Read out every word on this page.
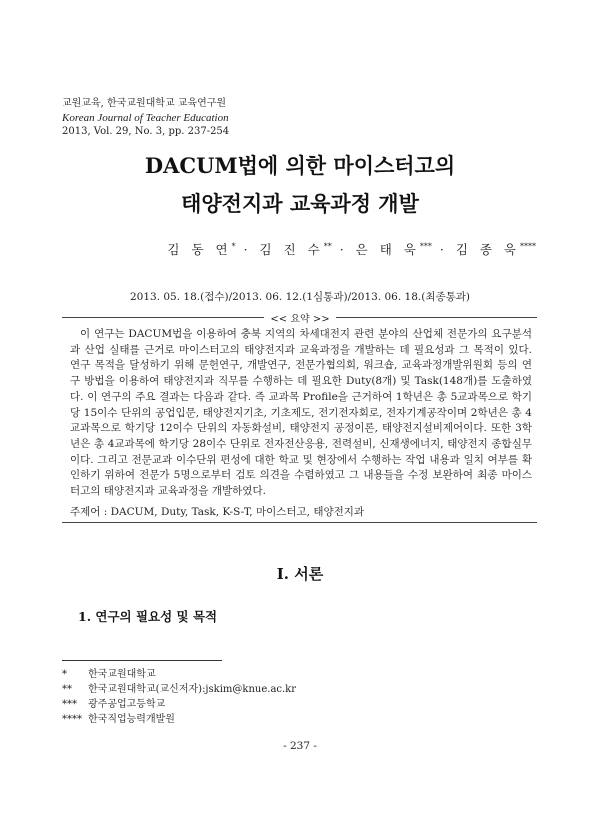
교원교육, 한국교원대학교 교육연구원
Korean Journal of Teacher Education
2013, Vol. 29, No. 3, pp. 237-254
DACUM법에 의한 마이스터고의
태양전지과 교육과정 개발
김 동 연* · 김 진 수** · 은 태 욱*** · 김 종 욱****
2013. 05. 18.(접수)/2013. 06. 12.(1심통과)/2013. 06. 18.(최종통과)
<< 요약 >>
이 연구는 DACUM법을 이용하여 충북 지역의 차세대전지 관련 분야의 산업체 전문가의 요구분석과 산업 실태를 근거로 마이스터고의 태양전지과 교육과정을 개발하는 데 필요성과 그 목적이 있다. 연구 목적을 달성하기 위해 문헌연구, 개발연구, 전문가협의회, 워크숍, 교육과정개발위원회 등의 연구 방법을 이용하여 태양전지과 직무를 수행하는 데 필요한 Duty(8개) 및 Task(148개)를 도출하였다. 이 연구의 주요 결과는 다음과 같다. 즉 교과목 Profile을 근거하여 1학년은 총 5교과목으로 학기당 15이수 단위의 공업입문, 태양전지기초, 기초제도, 전기전자회로, 전자기계공작이며 2학년은 총 4교과목으로 학기당 12이수 단위의 자동화설비, 태양전지 공정이론, 태양전지설비제어이다. 또한 3학년은 총 4교과목에 학기당 28이수 단위로 전자전산응용, 전력설비, 신재생에너지, 태양전지 종합실무이다. 그리고 전문교과 이수단위 편성에 대한 학교 및 현장에서 수행하는 작업 내용과 일치 여부를 확인하기 위하여 전문가 5명으로부터 검토 의견을 수렴하였고 그 내용들을 수정 보완하여 최종 마이스터고의 태양전지과 교육과정을 개발하였다.
주제어 : DACUM, Duty, Task, K-S-T, 마이스터고, 태양전지과
Ⅰ. 서론
1. 연구의 필요성 및 목적
* 한국교원대학교
** 한국교원대학교(교신저자):jskim@knue.ac.kr
*** 광주공업고등학교
**** 한국직업능력개발원
- 237 -
